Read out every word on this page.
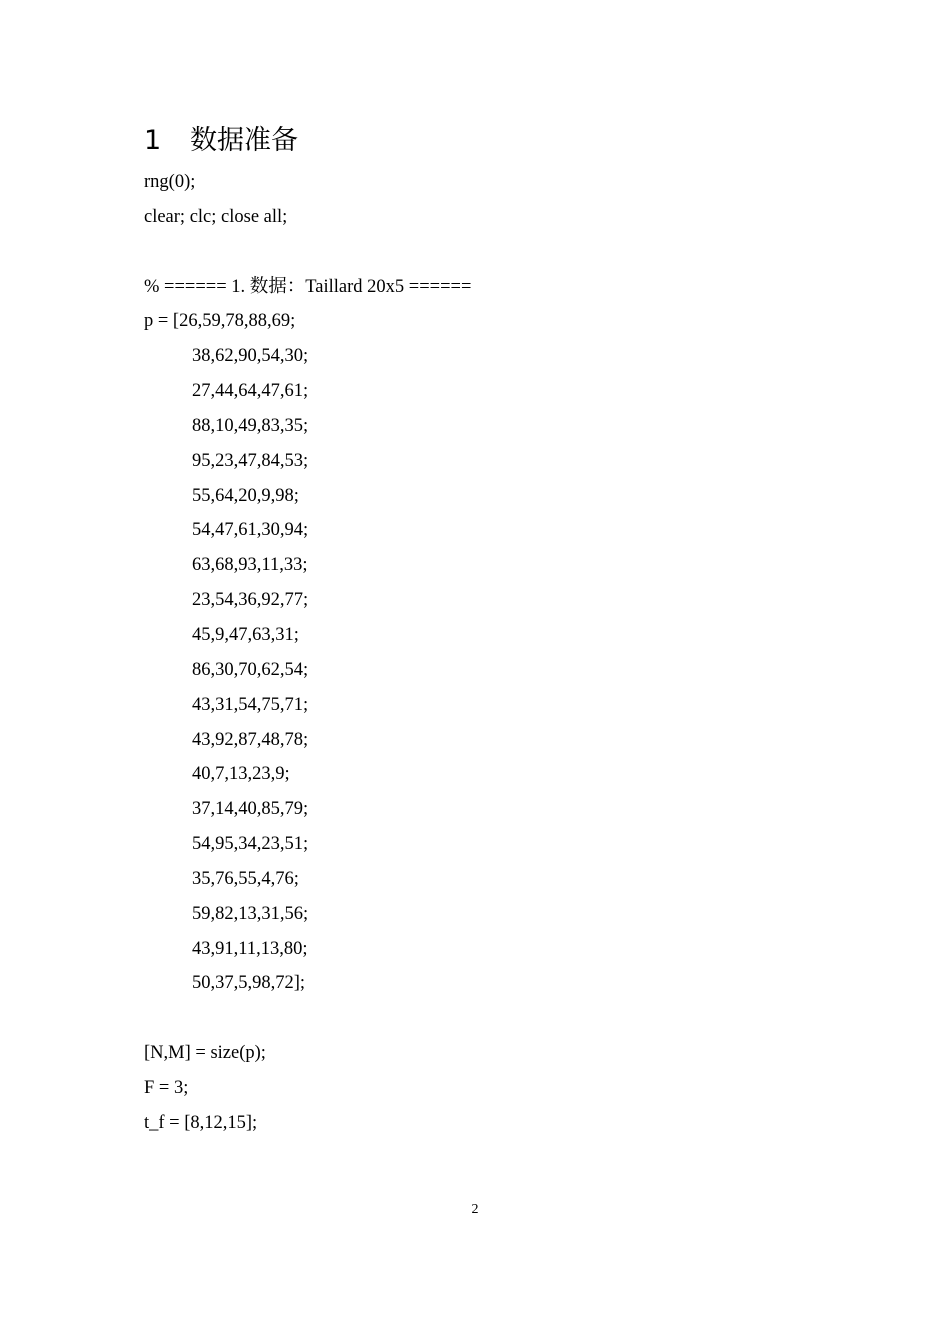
1 数据准备
rng(0);
clear; clc; close all;
% ====== 1. 数据：Taillard 20x5 ======
p = [26,59,78,88,69;
38,62,90,54,30;
27,44,64,47,61;
88,10,49,83,35;
95,23,47,84,53;
55,64,20,9,98;
54,47,61,30,94;
63,68,93,11,33;
23,54,36,92,77;
45,9,47,63,31;
86,30,70,62,54;
43,31,54,75,71;
43,92,87,48,78;
40,7,13,23,9;
37,14,40,85,79;
54,95,34,23,51;
35,76,55,4,76;
59,82,13,31,56;
43,91,11,13,80;
50,37,5,98,72];
[N,M] = size(p);
F = 3;
t_f = [8,12,15];
2
